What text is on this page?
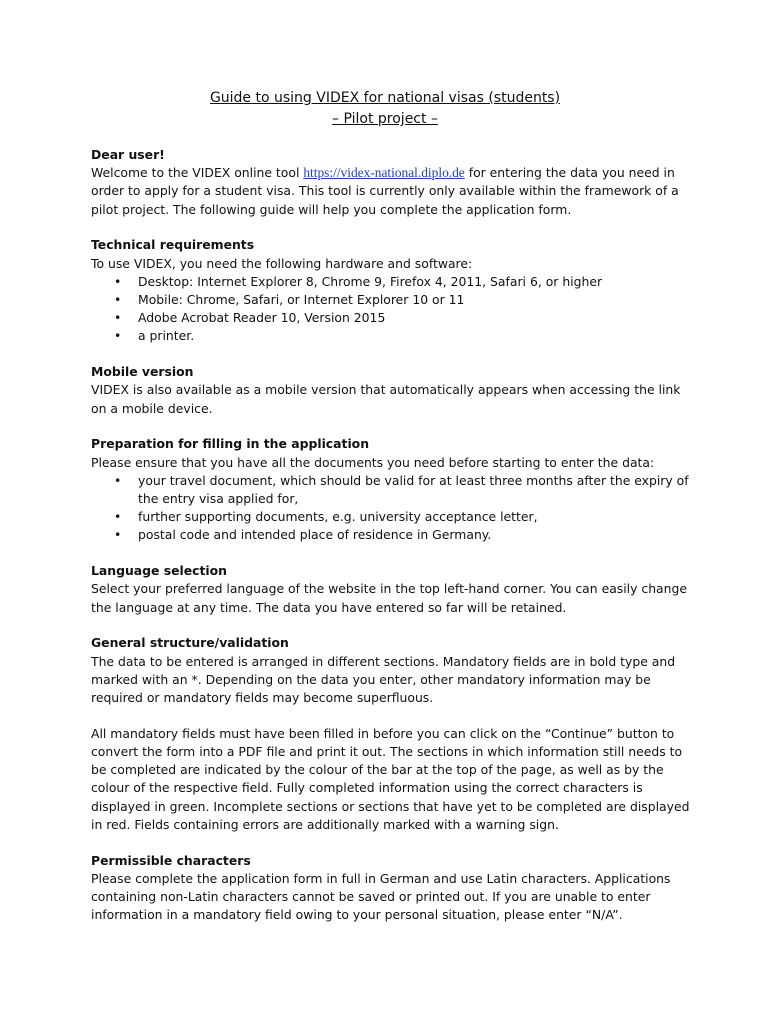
Guide to using VIDEX for national visas (students)

– Pilot project –

Dear user!

Welcome to the VIDEX online tool https://videx-national.diplo.de for entering the data you need in order to apply for a student visa. This tool is currently only available within the framework of a pilot project. The following guide will help you complete the application form.

Technical requirements

To use VIDEX, you need the following hardware and software:

• Desktop: Internet Explorer 8, Chrome 9, Firefox 4, 2011, Safari 6, or higher
• Mobile: Chrome, Safari, or Internet Explorer 10 or 11
• Adobe Acrobat Reader 10, Version 2015
• a printer.

Mobile version

VIDEX is also available as a mobile version that automatically appears when accessing the link on a mobile device.

Preparation for filling in the application

Please ensure that you have all the documents you need before starting to enter the data:

• your travel document, which should be valid for at least three months after the expiry of the entry visa applied for,
• further supporting documents, e.g. university acceptance letter,
• postal code and intended place of residence in Germany.

Language selection

Select your preferred language of the website in the top left-hand corner. You can easily change the language at any time. The data you have entered so far will be retained.

General structure/validation

The data to be entered is arranged in different sections. Mandatory fields are in bold type and marked with an *. Depending on the data you enter, other mandatory information may be required or mandatory fields may become superfluous.

All mandatory fields must have been filled in before you can click on the “Continue” button to convert the form into a PDF file and print it out. The sections in which information still needs to be completed are indicated by the colour of the bar at the top of the page, as well as by the colour of the respective field. Fully completed information using the correct characters is displayed in green. Incomplete sections or sections that have yet to be completed are displayed in red. Fields containing errors are additionally marked with a warning sign.

Permissible characters

Please complete the application form in full in German and use Latin characters. Applications containing non-Latin characters cannot be saved or printed out. If you are unable to enter information in a mandatory field owing to your personal situation, please enter “N/A”.
